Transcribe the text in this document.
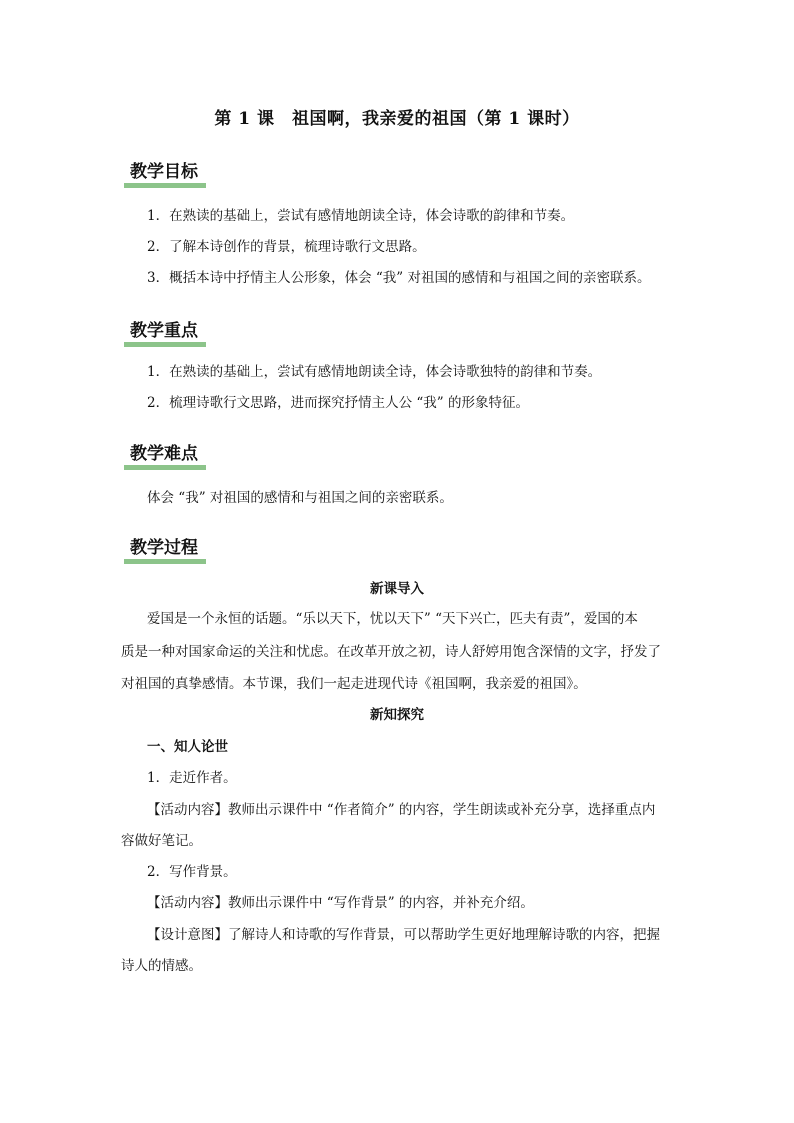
第 1 课　祖国啊，我亲爱的祖国（第 1 课时）
教学目标
1．在熟读的基础上，尝试有感情地朗读全诗，体会诗歌的韵律和节奏。
2．了解本诗创作的背景，梳理诗歌行文思路。
3．概括本诗中抒情主人公形象，体会 “我” 对祖国的感情和与祖国之间的亲密联系。
教学重点
1．在熟读的基础上，尝试有感情地朗读全诗，体会诗歌独特的韵律和节奏。
2．梳理诗歌行文思路，进而探究抒情主人公 “我” 的形象特征。
教学难点
体会 “我” 对祖国的感情和与祖国之间的亲密联系。
教学过程
新课导入
爱国是一个永恒的话题。“乐以天下，忧以天下” “天下兴亡，匹夫有责”，爱国的本
质是一种对国家命运的关注和忧虑。在改革开放之初，诗人舒婷用饱含深情的文字，抒发了
对祖国的真挚感情。本节课，我们一起走进现代诗《祖国啊，我亲爱的祖国》。
新知探究
一、知人论世
1．走近作者。
【活动内容】教师出示课件中 “作者简介” 的内容，学生朗读或补充分享，选择重点内
容做好笔记。
2．写作背景。
【活动内容】教师出示课件中 “写作背景” 的内容，并补充介绍。
【设计意图】了解诗人和诗歌的写作背景，可以帮助学生更好地理解诗歌的内容，把握
诗人的情感。
